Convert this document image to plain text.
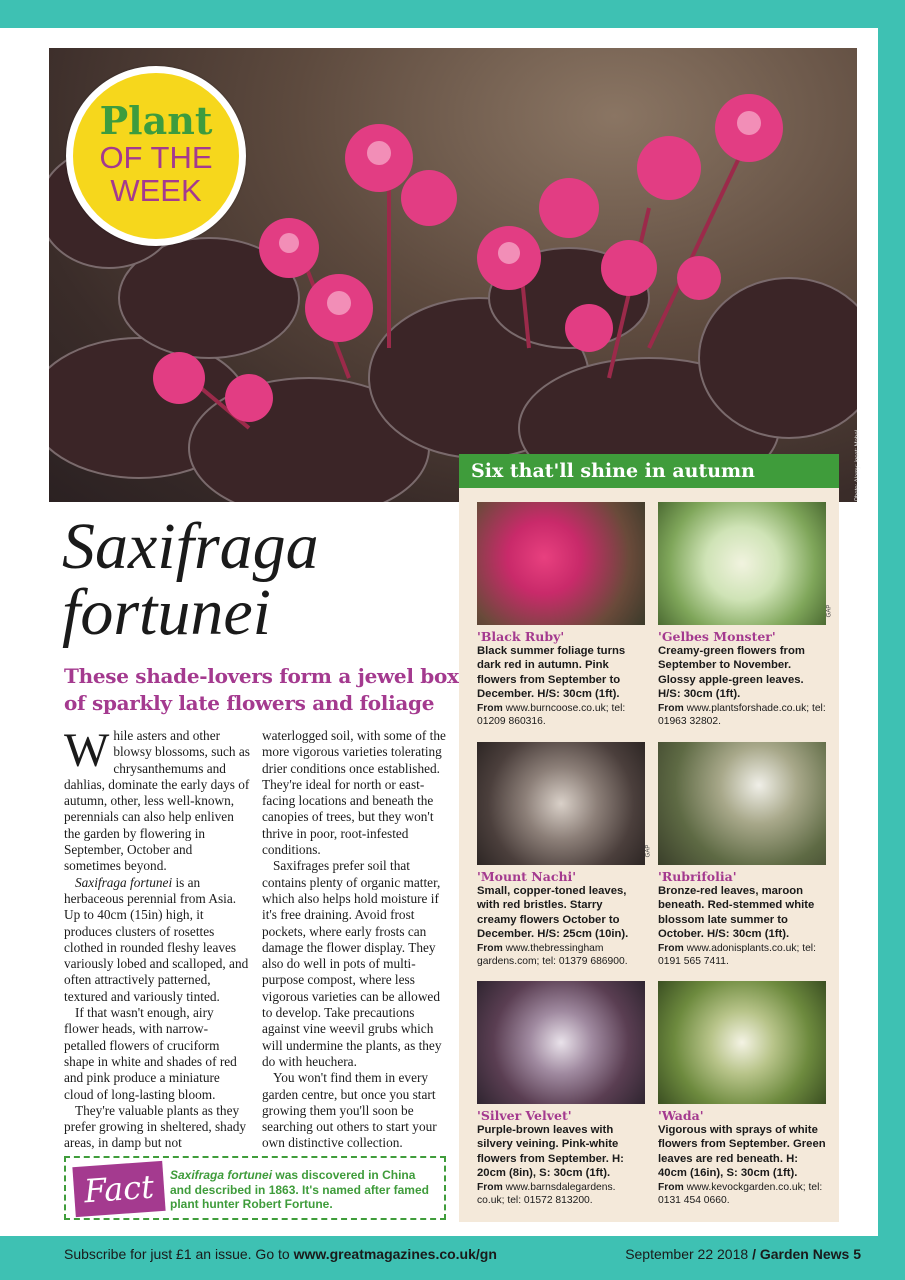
Photo: Alamy; inset: Mabel
Plant
OF THE
WEEK
Saxifraga
fortunei
These shade-lovers form a jewel box of sparkly late flowers and foliage

While asters and other blowsy blossoms, such as chrysanthemums and dahlias, dominate the early days of autumn, other, less well-known, perennials can also help enliven the garden by flowering in September, October and sometimes beyond.

Saxifraga fortunei is an herbaceous perennial from Asia. Up to 40cm (15in) high, it produces clusters of rosettes clothed in rounded fleshy leaves variously lobed and scalloped, and often attractively patterned, textured and variously tinted.

If that wasn't enough, airy flower heads, with narrow-petalled flowers of cruciform shape in white and shades of red and pink produce a miniature cloud of long-lasting bloom.

They're valuable plants as they prefer growing in sheltered, shady areas, in damp but not

waterlogged soil, with some of the more vigorous varieties tolerating drier conditions once established. They're ideal for north or east-facing locations and beneath the canopies of trees, but they won't thrive in poor, root-infested conditions.

Saxifrages prefer soil that contains plenty of organic matter, which also helps hold moisture if it's free draining. Avoid frost pockets, where early frosts can damage the flower display. They also do well in pots of multi-purpose compost, where less vigorous varieties can be allowed to develop. Take precautions against vine weevil grubs which will undermine the plants, as they do with heuchera.

You won't find them in every garden centre, but once you start growing them you'll soon be searching out others to start your own distinctive collection.

Fact	Saxifraga fortunei was discovered in China and described in 1863. It's named after famed plant hunter Robert Fortune.
'Black Ruby'
Black summer foliage turns dark red in autumn. Pink flowers from September to December. H/S: 30cm (1ft).
From www.burncoose.co.uk; tel: 01209 860316.
'Gelbes Monster'
Creamy-green flowers from September to November. Glossy apple-green leaves. H/S: 30cm (1ft).
From www.plantsforshade.co.uk; tel: 01963 32802.
'Mount Nachi'
Small, copper-toned leaves, with red bristles. Starry creamy flowers October to December. H/S: 25cm (10in).
From www.thebressingham gardens.com; tel: 01379 686900.
'Rubrifolia'
Bronze-red leaves, maroon beneath. Red-stemmed white blossom late summer to October. H/S: 30cm (1ft).
From www.adonisplants.co.uk; tel: 0191 565 7411.
'Silver Velvet'
Purple-brown leaves with silvery veining. Pink-white flowers from September. H: 20cm (8in), S: 30cm (1ft).
From www.barnsdalegardens. co.uk; tel: 01572 813200.
'Wada'
Vigorous with sprays of white flowers from September. Green leaves are red beneath. H: 40cm (16in), S: 30cm (1ft).
From www.kevockgarden.co.uk; tel: 0131 454 0660.
GAP
GAP
Six that'll shine in autumn
Subscribe for just £1 an issue. Go to www.greatmagazines.co.uk/gn	September 22 2018 / Garden News 5
